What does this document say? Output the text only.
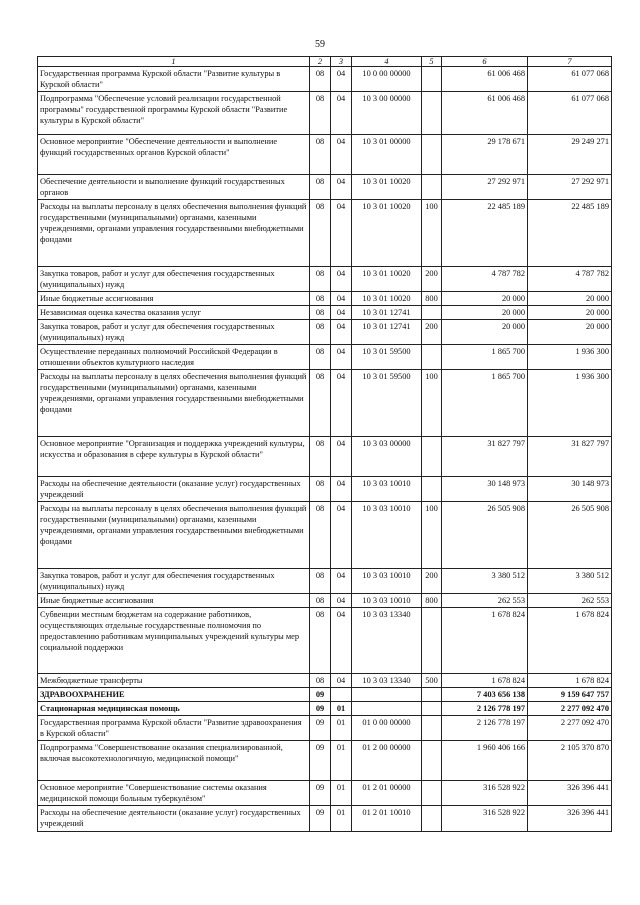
59
1	2	3	4	5	6	7
Государственная программа Курской области "Развитие культуры в Курской области"	08	04	10 0 00 00000		61 006 468	61 077 068
Подпрограмма "Обеспечение условий реализации государственной программы" государственной программы Курской области "Развитие культуры в Курской области"	08	04	10 3 00 00000		61 006 468	61 077 068
Основное мероприятие "Обеспечение деятельности и выполнение функций государственных органов Курской области"	08	04	10 3 01 00000		29 178 671	29 249 271
Обеспечение деятельности и выполнение функций государственных органов	08	04	10 3 01 10020		27 292 971	27 292 971
Расходы на выплаты персоналу в целях обеспечения выполнения функций государственными (муниципальными) органами, казенными учреждениями, органами управления государственными внебюджетными фондами	08	04	10 3 01 10020	100	22 485 189	22 485 189
Закупка товаров, работ и услуг для обеспечения государственных (муниципальных) нужд	08	04	10 3 01 10020	200	4 787 782	4 787 782
Иные бюджетные ассигнования	08	04	10 3 01 10020	800	20 000	20 000
Независимая оценка качества оказания услуг	08	04	10 3 01 12741		20 000	20 000
Закупка товаров, работ и услуг для обеспечения государственных (муниципальных) нужд	08	04	10 3 01 12741	200	20 000	20 000
Осуществление переданных полномочий Российской Федерации в отношении объектов культурного наследия	08	04	10 3 01 59500		1 865 700	1 936 300
Расходы на выплаты персоналу в целях обеспечения выполнения функций государственными (муниципальными) органами, казенными учреждениями, органами управления государственными внебюджетными фондами	08	04	10 3 01 59500	100	1 865 700	1 936 300
Основное мероприятие "Организация и поддержка учреждений культуры, искусства и образования в сфере культуры в Курской области"	08	04	10 3 03 00000		31 827 797	31 827 797
Расходы на обеспечение деятельности (оказание услуг) государственных учреждений	08	04	10 3 03 10010		30 148 973	30 148 973
Расходы на выплаты персоналу в целях обеспечения выполнения функций государственными (муниципальными) органами, казенными учреждениями, органами управления государственными внебюджетными фондами	08	04	10 3 03 10010	100	26 505 908	26 505 908
Закупка товаров, работ и услуг для обеспечения государственных (муниципальных) нужд	08	04	10 3 03 10010	200	3 380 512	3 380 512
Иные бюджетные ассигнования	08	04	10 3 03 10010	800	262 553	262 553
Субвенции местным бюджетам на содержание работников, осуществляющих отдельные государственные полномочия по предоставлению работникам муниципальных учреждений культуры мер социальной поддержки	08	04	10 3 03 13340		1 678 824	1 678 824
Межбюджетные трансферты	08	04	10 3 03 13340	500	1 678 824	1 678 824
ЗДРАВООХРАНЕНИЕ	09				7 403 656 138	9 159 647 757
Стационарная медицинская помощь	09	01			2 126 778 197	2 277 092 470
Государственная программа Курской области "Развитие здравоохранения в Курской области"	09	01	01 0 00 00000		2 126 778 197	2 277 092 470
Подпрограмма "Совершенствование оказания специализированной, включая высокотехнологичную, медицинской помощи"	09	01	01 2 00 00000		1 960 406 166	2 105 370 870
Основное мероприятие "Совершенствование системы оказания медицинской помощи больным туберкулёзом"	09	01	01 2 01 00000		316 528 922	326 396 441
Расходы на обеспечение деятельности (оказание услуг) государственных учреждений	09	01	01 2 01 10010		316 528 922	326 396 441
